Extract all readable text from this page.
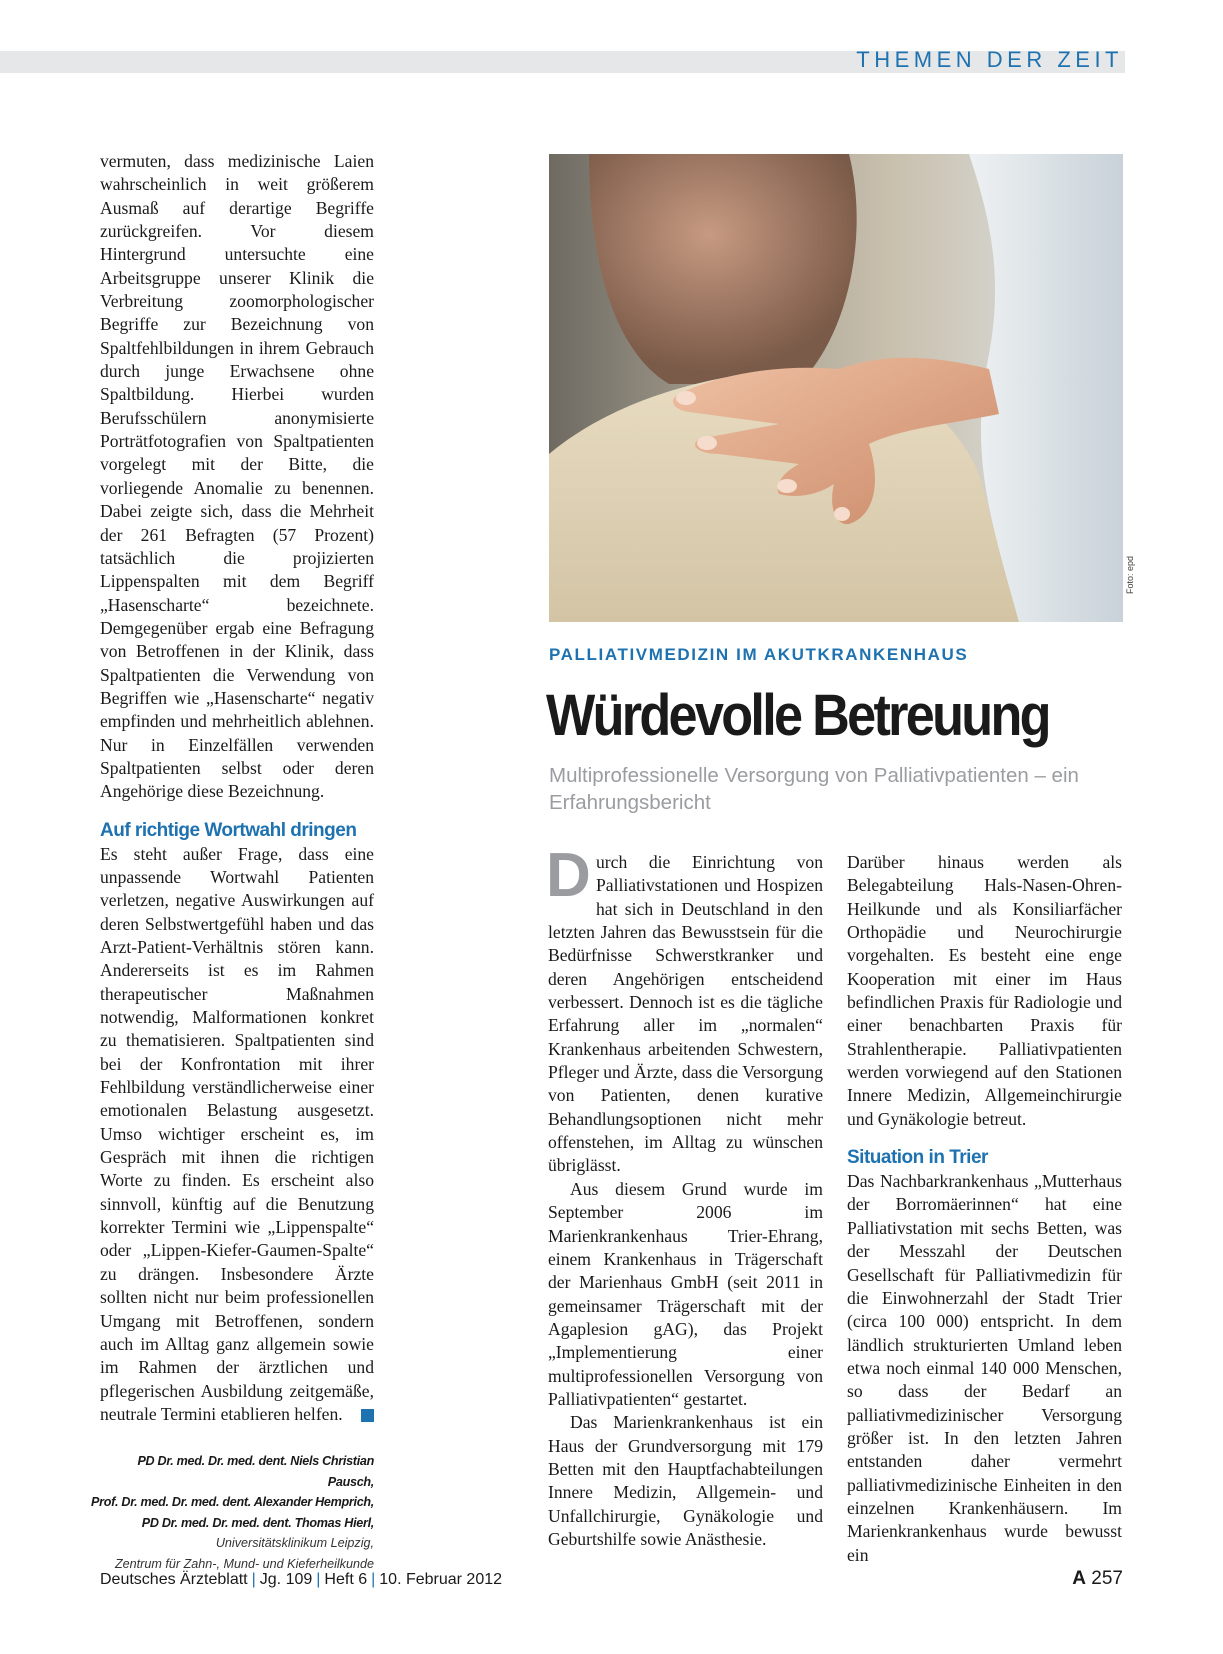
THEMEN DER ZEIT

vermuten, dass medizinische Laien wahrscheinlich in weit größerem Ausmaß auf derartige Begriffe zurückgreifen. Vor diesem Hintergrund untersuchte eine Arbeitsgruppe unserer Klinik die Verbreitung zoomorphologischer Begriffe zur Bezeichnung von Spaltfehlbildungen in ihrem Gebrauch durch junge Erwachsene ohne Spaltbildung. Hierbei wurden Berufsschülern anonymisierte Porträtfotografien von Spaltpatienten vorgelegt mit der Bitte, die vorliegende Anomalie zu benennen. Dabei zeigte sich, dass die Mehrheit der 261 Befragten (57 Prozent) tatsächlich die projizierten Lippenspalten mit dem Begriff „Hasenscharte“ bezeichnete. Demgegenüber ergab eine Befragung von Betroffenen in der Klinik, dass Spaltpatienten die Verwendung von Begriffen wie „Hasenscharte“ negativ empfinden und mehrheitlich ablehnen. Nur in Einzelfällen verwenden Spaltpatienten selbst oder deren Angehörige diese Bezeichnung.

Auf richtige Wortwahl dringen

Es steht außer Frage, dass eine unpassende Wortwahl Patienten verletzen, negative Auswirkungen auf deren Selbstwertgefühl haben und das Arzt-Patient-Verhältnis stören kann. Andererseits ist es im Rahmen therapeutischer Maßnahmen notwendig, Malformationen konkret zu thematisieren. Spaltpatienten sind bei der Konfrontation mit ihrer Fehlbildung verständlicherweise einer emotionalen Belastung ausgesetzt. Umso wichtiger erscheint es, im Gespräch mit ihnen die richtigen Worte zu finden. Es erscheint also sinnvoll, künftig auf die Benutzung korrekter Termini wie „Lippenspalte“ oder „Lippen-Kiefer-Gaumen-Spalte“ zu drängen. Insbesondere Ärzte sollten nicht nur beim professionellen Umgang mit Betroffenen, sondern auch im Alltag ganz allgemein sowie im Rahmen der ärztlichen und pflegerischen Ausbildung zeitgemäße, neutrale Termini etablieren helfen.

PD Dr. med. Dr. med. dent. Niels Christian Pausch,
Prof. Dr. med. Dr. med. dent. Alexander Hemprich,
PD Dr. med. Dr. med. dent. Thomas Hierl,
Universitätsklinikum Leipzig,
Zentrum für Zahn-, Mund- und Kieferheilkunde
Foto: epd
PALLIATIVMEDIZIN IM AKUTKRANKENHAUS
Würdevolle Betreuung
Multiprofessionelle Versorgung von Palliativpatienten – ein Erfahrungsbericht

Durch die Einrichtung von Palliativstationen und Hospizen hat sich in Deutschland in den letzten Jahren das Bewusstsein für die Bedürfnisse Schwerstkranker und deren Angehörigen entscheidend verbessert. Dennoch ist es die tägliche Erfahrung aller im „normalen“ Krankenhaus arbeitenden Schwestern, Pfleger und Ärzte, dass die Versorgung von Patienten, denen kurative Behandlungsoptionen nicht mehr offenstehen, im Alltag zu wünschen übriglässt.

Aus diesem Grund wurde im September 2006 im Marienkrankenhaus Trier-Ehrang, einem Krankenhaus in Trägerschaft der Marienhaus GmbH (seit 2011 in gemeinsamer Trägerschaft mit der Agaplesion gAG), das Projekt „Implementierung einer multiprofessionellen Versorgung von Palliativpatienten“ gestartet.

Das Marienkrankenhaus ist ein Haus der Grundversorgung mit 179 Betten mit den Hauptfachabteilungen Innere Medizin, Allgemein- und Unfallchirurgie, Gynäkologie und Geburtshilfe sowie Anästhesie.

Darüber hinaus werden als Belegabteilung Hals-Nasen-Ohren-Heilkunde und als Konsiliarfächer Orthopädie und Neurochirurgie vorgehalten. Es besteht eine enge Kooperation mit einer im Haus befindlichen Praxis für Radiologie und einer benachbarten Praxis für Strahlentherapie. Palliativpatienten werden vorwiegend auf den Stationen Innere Medizin, Allgemeinchirurgie und Gynäkologie betreut.

Situation in Trier

Das Nachbarkrankenhaus „Mutterhaus der Borromäerinnen“ hat eine Palliativstation mit sechs Betten, was der Messzahl der Deutschen Gesellschaft für Palliativmedizin für die Einwohnerzahl der Stadt Trier (circa 100 000) entspricht. In dem ländlich strukturierten Umland leben etwa noch einmal 140 000 Menschen, so dass der Bedarf an palliativmedizinischer Versorgung größer ist. In den letzten Jahren entstanden daher vermehrt palliativmedizinische Einheiten in den einzelnen Krankenhäusern. Im Marienkrankenhaus wurde bewusst ein

Deutsches Ärzteblatt | Jg. 109 | Heft 6 | 10. Februar 2012	A 257
